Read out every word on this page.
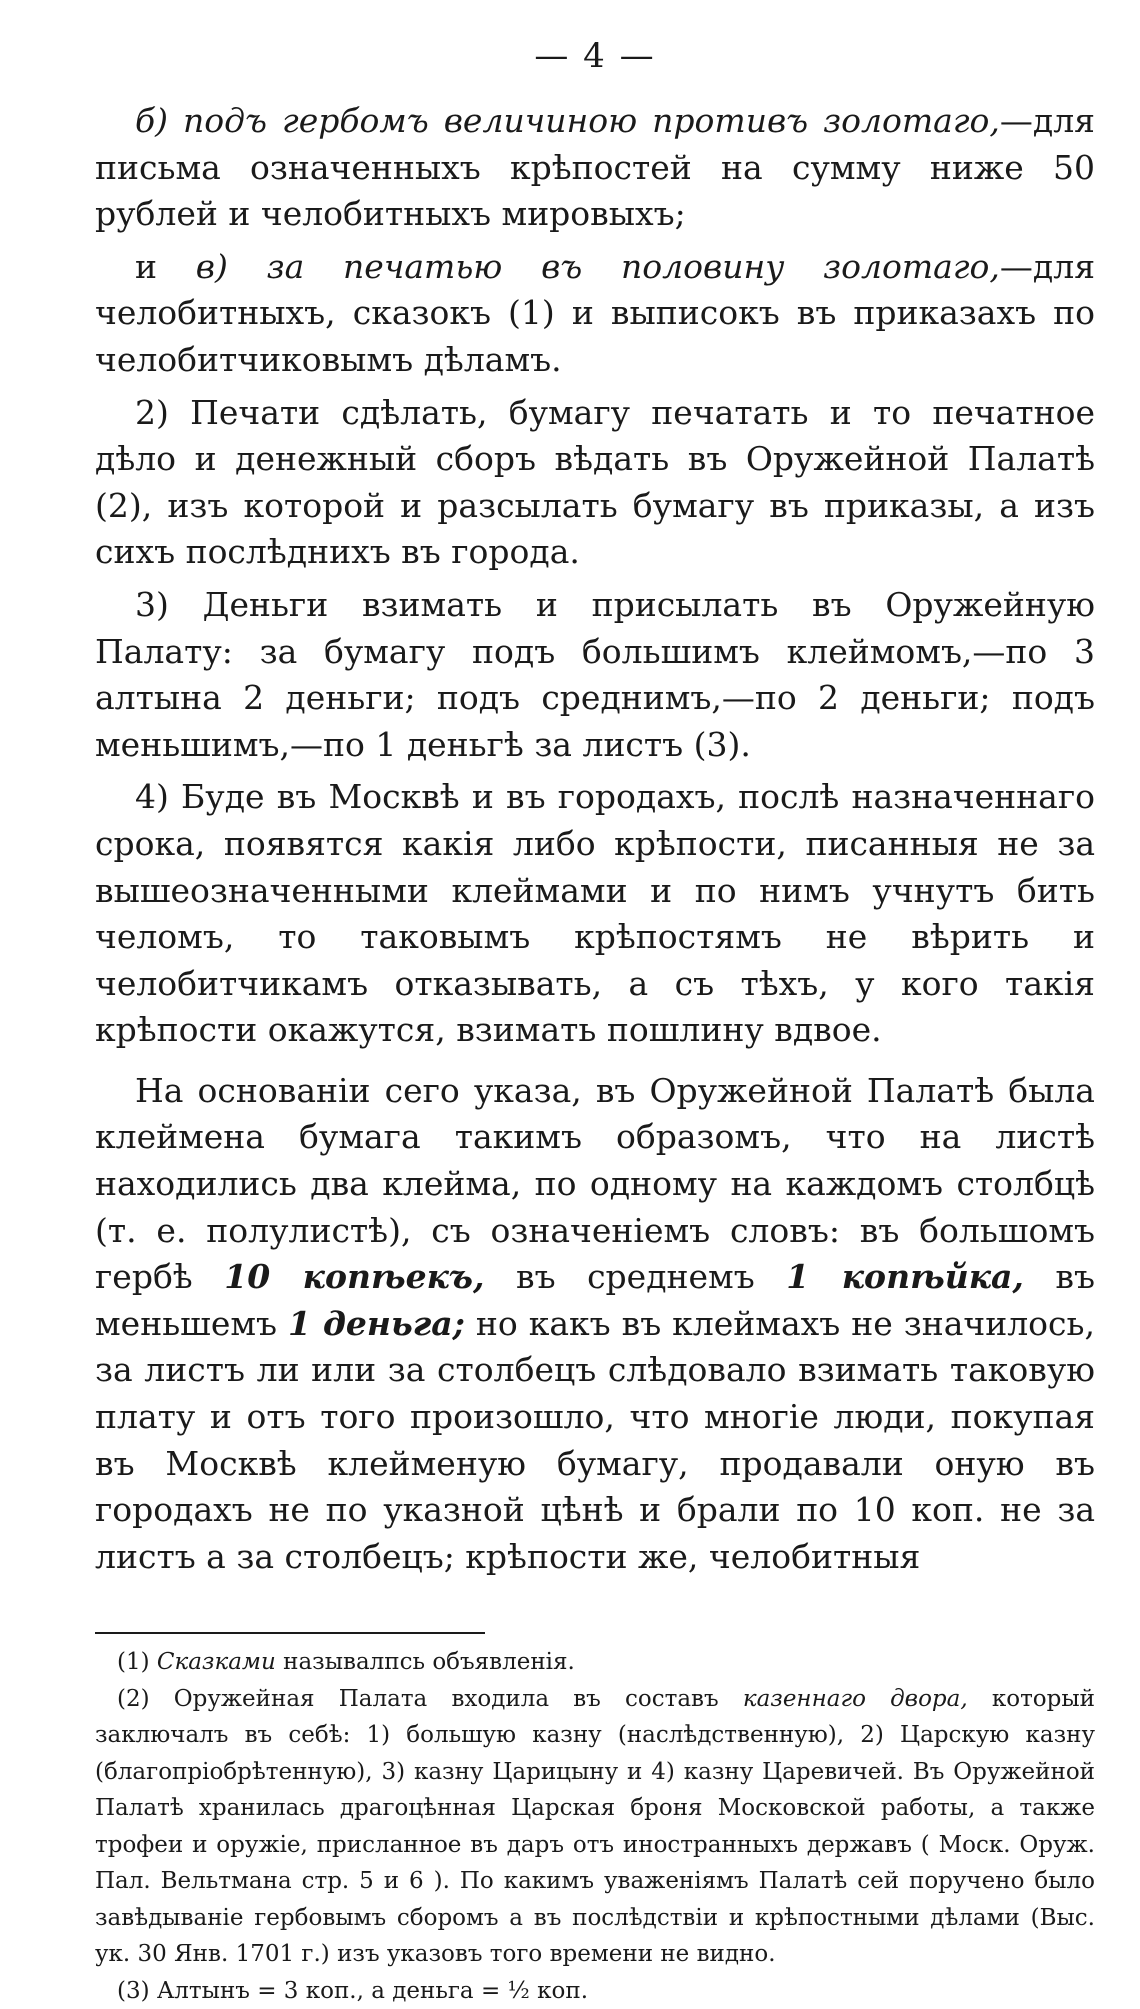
— 4 —

б) подъ гербомъ величиною противъ золотаго,—для письма означенныхъ крѣпостей на сумму ниже 50 рублей и челобитныхъ мировыхъ;

и в) за печатью въ половину золотаго,—для челобитныхъ, сказокъ (1) и выписокъ въ приказахъ по челобитчиковымъ дѣламъ.

2) Печати сдѣлать, бумагу печатать и то печатное дѣло и денежный сборъ вѣдать въ Оружейной Палатѣ (2), изъ которой и разсылать бумагу въ приказы, а изъ сихъ послѣднихъ въ города.

3) Деньги взимать и присылать въ Оружейную Палату: за бумагу подъ большимъ клеймомъ,—по 3 алтына 2 деньги; подъ среднимъ,—по 2 деньги; подъ меньшимъ,—по 1 деньгѣ за листъ (3).

4) Буде въ Москвѣ и въ городахъ, послѣ назначеннаго срока, появятся какія либо крѣпости, писанныя не за вышеозначенными клеймами и по нимъ учнутъ бить челомъ, то таковымъ крѣпостямъ не вѣрить и челобитчикамъ отказывать, а съ тѣхъ, у кого такія крѣпости окажутся, взимать пошлину вдвое.

На основаніи сего указа, въ Оружейной Палатѣ была клеймена бумага такимъ образомъ, что на листѣ находились два клейма, по одному на каждомъ столбцѣ (т. е. полулистѣ), съ означеніемъ словъ: въ большомъ гербѣ 10 копѣекъ, въ среднемъ 1 копѣйка, въ меньшемъ 1 деньга; но какъ въ клеймахъ не значилось, за листъ ли или за столбецъ слѣдовало взимать таковую плату и отъ того произошло, что многіе люди, покупая въ Москвѣ клейменую бумагу, продавали оную въ городахъ не по указной цѣнѣ и брали по 10 коп. не за листъ а за столбецъ; крѣпости же, челобитныя

(1) Сказками называлпсь объявленія.

(2) Оружейная Палата входила въ составъ казеннаго двора, который заключалъ въ себѣ: 1) большую казну (наслѣдственную), 2) Царскую казну (благопріобрѣтенную), 3) казну Царицыну и 4) казну Царевичей. Въ Оружейной Палатѣ хранилась драгоцѣнная Царская броня Московской работы, а также трофеи и оружіе, присланное въ даръ отъ иностранныхъ державъ ( Моск. Оруж. Пал. Вельтмана стр. 5 и 6 ). По какимъ уваженіямъ Палатѣ сей поручено было завѣдываніе гербовымъ сборомъ а въ послѣдствіи и крѣпостными дѣлами (Выс. ук. 30 Янв. 1701 г.) изъ указовъ того времени не видно.

(3) Алтынъ = 3 коп., а деньга = ½ коп.
